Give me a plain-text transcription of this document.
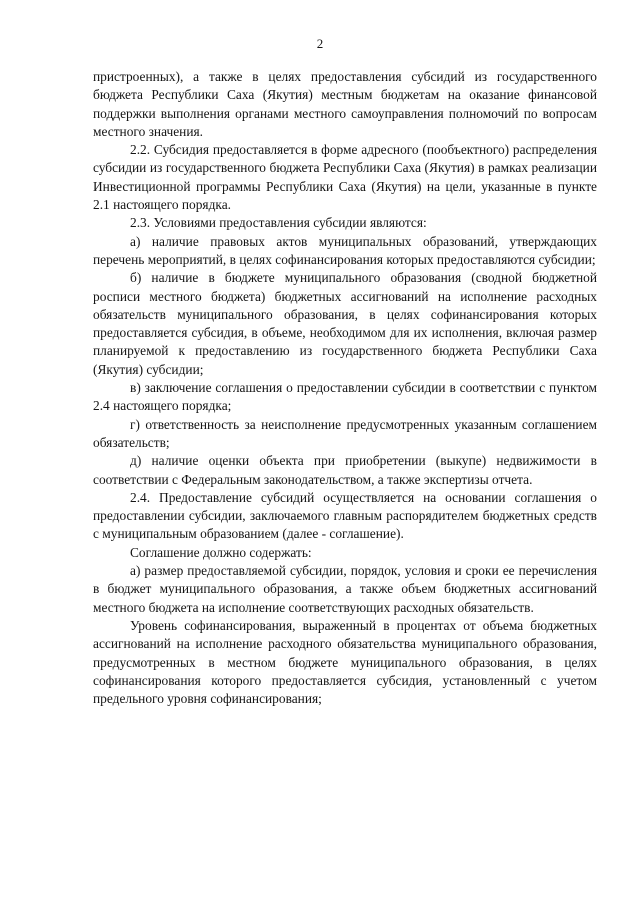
2

пристроенных), а также в целях предоставления субсидий из государственного бюджета Республики Саха (Якутия) местным бюджетам на оказание финансовой поддержки выполнения органами местного самоуправления полномочий по вопросам местного значения.

2.2. Субсидия предоставляется в форме адресного (пообъектного) распределения субсидии из государственного бюджета Республики Саха (Якутия) в рамках реализации Инвестиционной программы Республики Саха (Якутия) на цели, указанные в пункте 2.1 настоящего порядка.

2.3. Условиями предоставления субсидии являются:

а) наличие правовых актов муниципальных образований, утверждающих перечень мероприятий, в целях софинансирования которых предоставляются субсидии;

б) наличие в бюджете муниципального образования (сводной бюджетной росписи местного бюджета) бюджетных ассигнований на исполнение расходных обязательств муниципального образования, в целях софинансирования которых предоставляется субсидия, в объеме, необходимом для их исполнения, включая размер планируемой к предоставлению из государственного бюджета Республики Саха (Якутия) субсидии;

в) заключение соглашения о предоставлении субсидии в соответствии с пунктом 2.4 настоящего порядка;

г) ответственность за неисполнение предусмотренных указанным соглашением обязательств;

д) наличие оценки объекта при приобретении (выкупе) недвижимости в соответствии с Федеральным законодательством, а также экспертизы отчета.

2.4. Предоставление субсидий осуществляется на основании соглашения о предоставлении субсидии, заключаемого главным распорядителем бюджетных средств с муниципальным образованием (далее - соглашение).

Соглашение должно содержать:

а) размер предоставляемой субсидии, порядок, условия и сроки ее перечисления в бюджет муниципального образования, а также объем бюджетных ассигнований местного бюджета на исполнение соответствующих расходных обязательств.

Уровень софинансирования, выраженный в процентах от объема бюджетных ассигнований на исполнение расходного обязательства муниципального образования, предусмотренных в местном бюджете муниципального образования, в целях софинансирования которого предоставляется субсидия, установленный с учетом предельного уровня софинансирования;
